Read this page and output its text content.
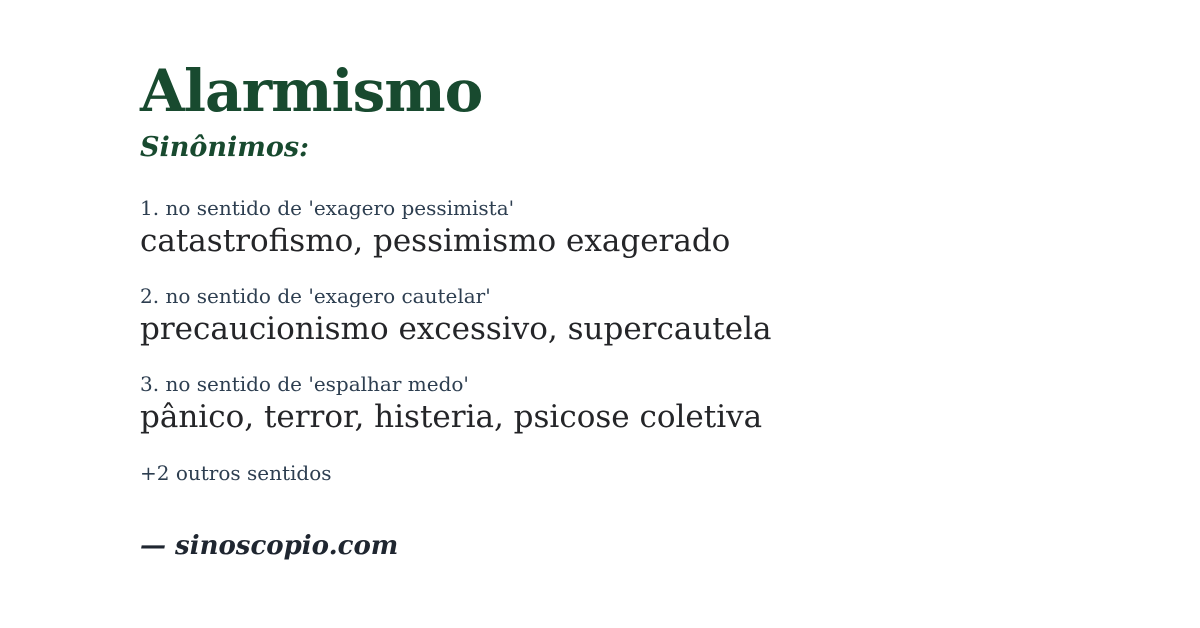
Alarmismo
Sinônimos:

1. no sentido de 'exagero pessimista'

catastrofismo, pessimismo exagerado

2. no sentido de 'exagero cautelar'

precaucionismo excessivo, supercautela

3. no sentido de 'espalhar medo'

pânico, terror, histeria, psicose coletiva

+2 outros sentidos

— sinoscopio.com
